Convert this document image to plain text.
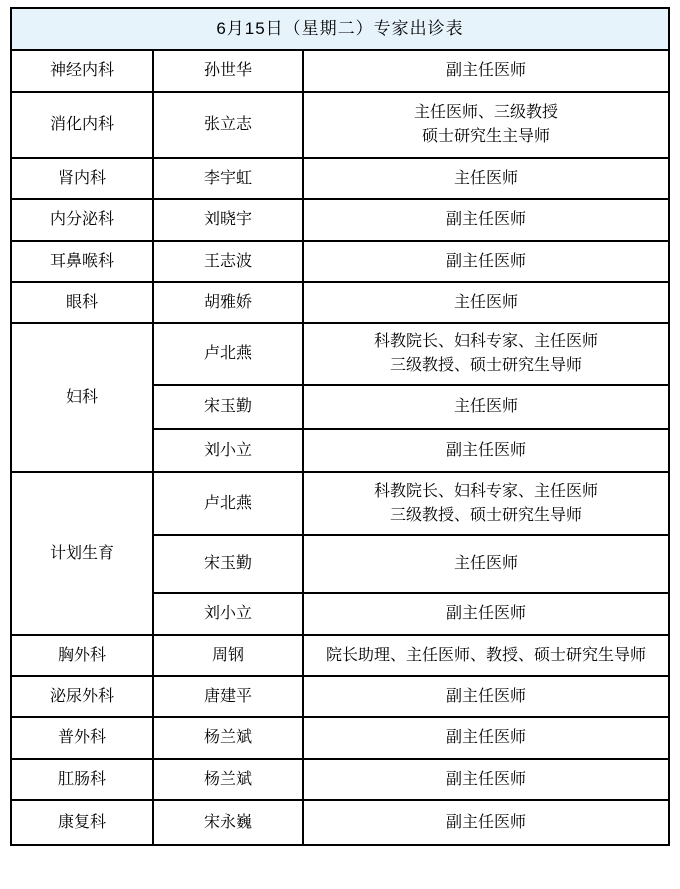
6月15日（星期二）专家出诊表		
神经内科	孙世华	副主任医师

消化内科	张立志	主任医师、三级教授
硕士研究生主导师

肾内科	李宇虹	主任医师

内分泌科	刘晓宇	副主任医师

耳鼻喉科	王志波	副主任医师

眼科	胡雅娇	主任医师

妇科	卢北燕	科教院长、妇科专家、主任医师
三级教授、硕士研究生导师

	宋玉勤	主任医师

	刘小立	副主任医师

计划生育	卢北燕	科教院长、妇科专家、主任医师
三级教授、硕士研究生导师

	宋玉勤	主任医师

	刘小立	副主任医师

胸外科	周钢	院长助理、主任医师、教授、硕士研究生导师

泌尿外科	唐建平	副主任医师

普外科	杨兰斌	副主任医师

肛肠科	杨兰斌	副主任医师

康复科	宋永巍	副主任医师
